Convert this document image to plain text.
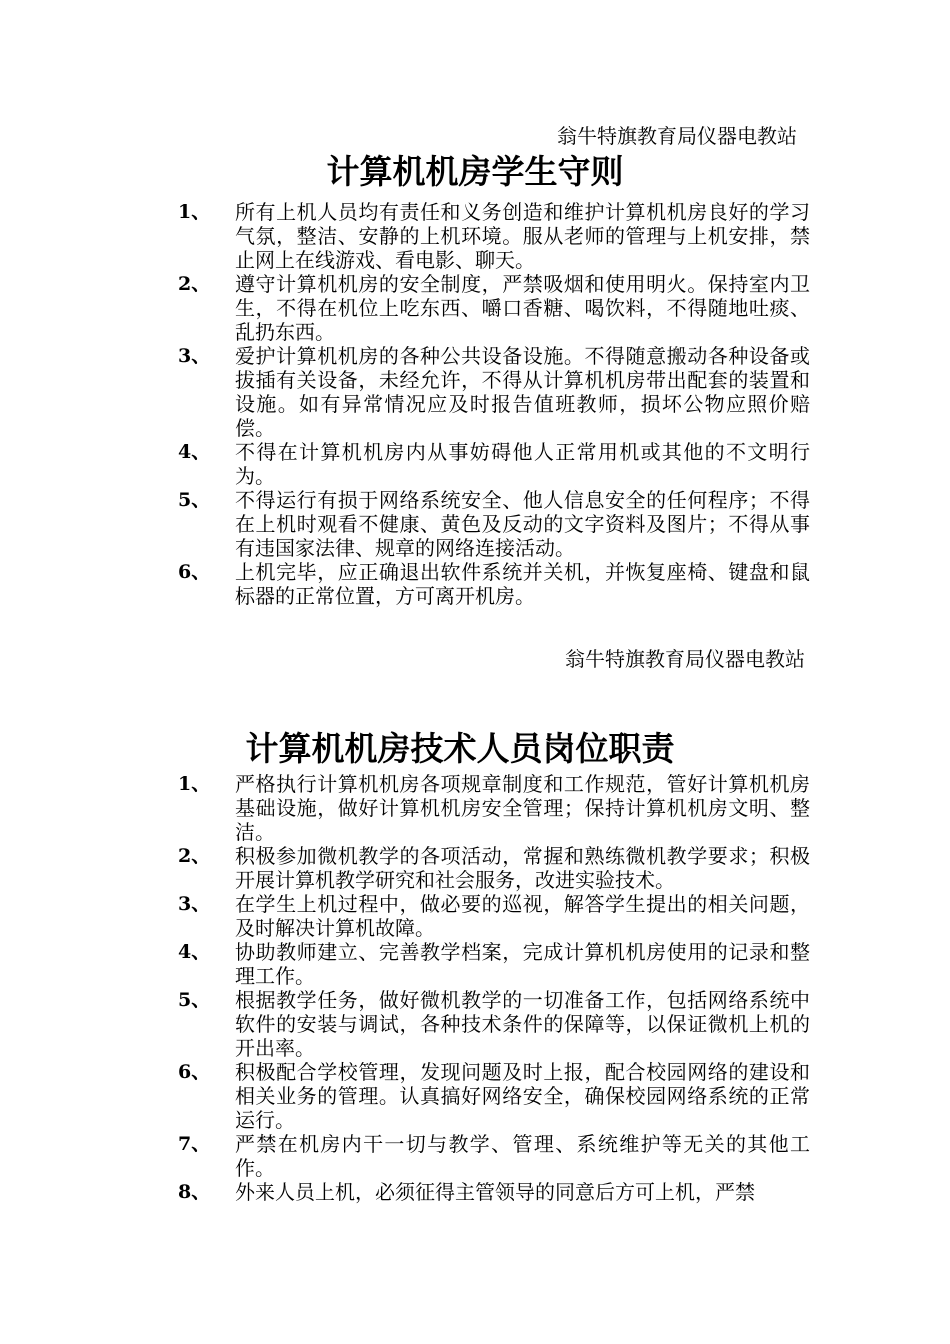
翁牛特旗教育局仪器电教站
计算机机房学生守则
1、 所有上机人员均有责任和义务创造和维护计算机机房良好的学习气氛，整洁、安静的上机环境。服从老师的管理与上机安排，禁止网上在线游戏、看电影、聊天。
2、 遵守计算机机房的安全制度，严禁吸烟和使用明火。保持室内卫生，不得在机位上吃东西、嚼口香糖、喝饮料，不得随地吐痰、乱扔东西。
3、 爱护计算机机房的各种公共设备设施。不得随意搬动各种设备或拔插有关设备，未经允许，不得从计算机机房带出配套的装置和设施。如有异常情况应及时报告值班教师，损坏公物应照价赔偿。
4、 不得在计算机机房内从事妨碍他人正常用机或其他的不文明行为。
5、 不得运行有损于网络系统安全、他人信息安全的任何程序；不得在上机时观看不健康、黄色及反动的文字资料及图片；不得从事有违国家法律、规章的网络连接活动。
6、 上机完毕，应正确退出软件系统并关机，并恢复座椅、键盘和鼠标器的正常位置，方可离开机房。
翁牛特旗教育局仪器电教站
计算机机房技术人员岗位职责
1、 严格执行计算机机房各项规章制度和工作规范，管好计算机机房基础设施，做好计算机机房安全管理；保持计算机机房文明、整洁。
2、 积极参加微机教学的各项活动，常握和熟练微机教学要求；积极开展计算机教学研究和社会服务，改进实验技术。
3、 在学生上机过程中，做必要的巡视，解答学生提出的相关问题，及时解决计算机故障。
4、 协助教师建立、完善教学档案，完成计算机机房使用的记录和整理工作。
5、 根据教学任务，做好微机教学的一切准备工作，包括网络系统中软件的安装与调试，各种技术条件的保障等，以保证微机上机的开出率。
6、 积极配合学校管理，发现问题及时上报，配合校园网络的建设和相关业务的管理。认真搞好网络安全，确保校园网络系统的正常运行。
7、 严禁在机房内干一切与教学、管理、系统维护等无关的其他工作。
8、 外来人员上机，必须征得主管领导的同意后方可上机，严禁
